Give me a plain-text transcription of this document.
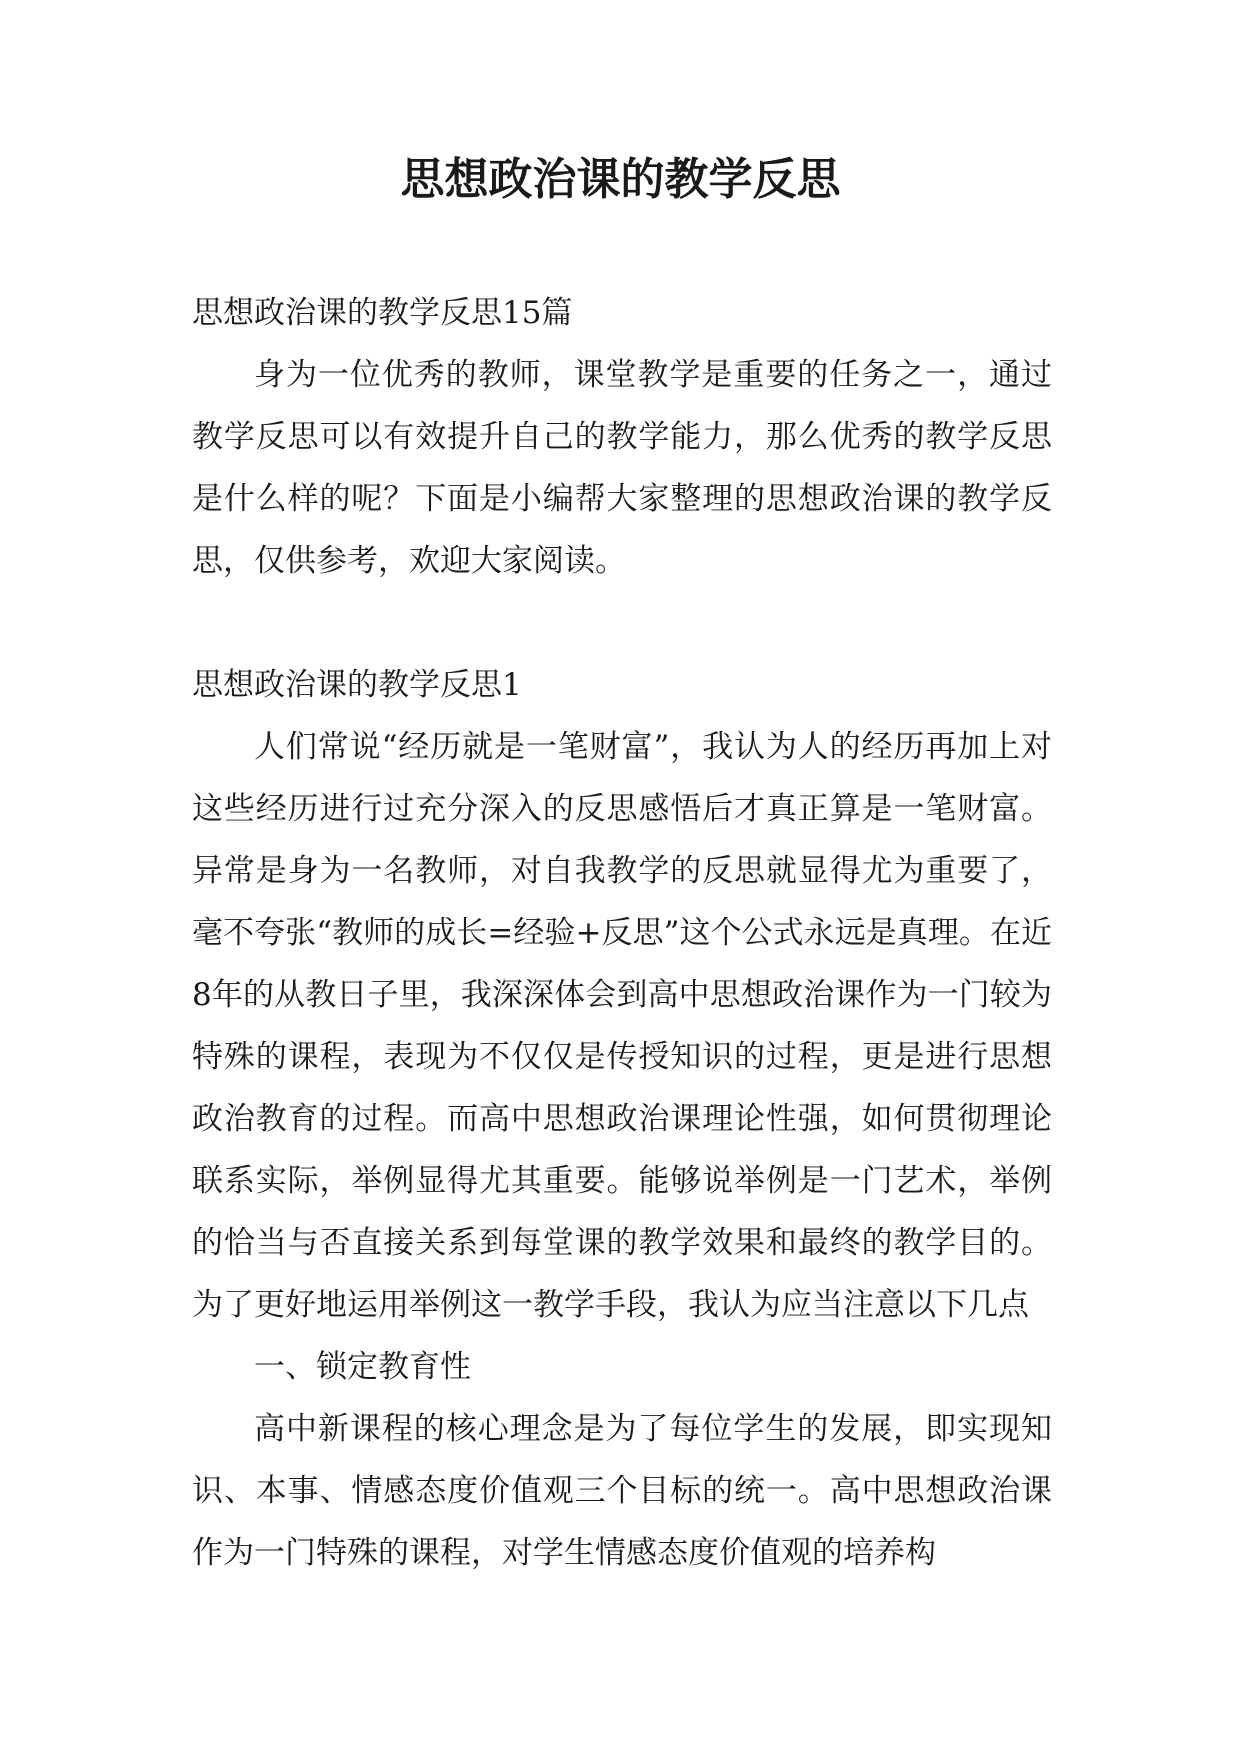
思想政治课的教学反思

思想政治课的教学反思15篇

身为一位优秀的教师，课堂教学是重要的任务之一，通过教学反思可以有效提升自己的教学能力，那么优秀的教学反思是什么样的呢？下面是小编帮大家整理的思想政治课的教学反思，仅供参考，欢迎大家阅读。

思想政治课的教学反思1

人们常说“经历就是一笔财富”，我认为人的经历再加上对这些经历进行过充分深入的反思感悟后才真正算是一笔财富。异常是身为一名教师，对自我教学的反思就显得尤为重要了，毫不夸张“教师的成长=经验+反思”这个公式永远是真理。在近8年的从教日子里，我深深体会到高中思想政治课作为一门较为特殊的课程，表现为不仅仅是传授知识的过程，更是进行思想政治教育的过程。而高中思想政治课理论性强，如何贯彻理论联系实际，举例显得尤其重要。能够说举例是一门艺术，举例的恰当与否直接关系到每堂课的教学效果和最终的教学目的。为了更好地运用举例这一教学手段，我认为应当注意以下几点

一、锁定教育性

高中新课程的核心理念是为了每位学生的发展，即实现知识、本事、情感态度价值观三个目标的统一。高中思想政治课作为一门特殊的课程，对学生情感态度价值观的培养构
